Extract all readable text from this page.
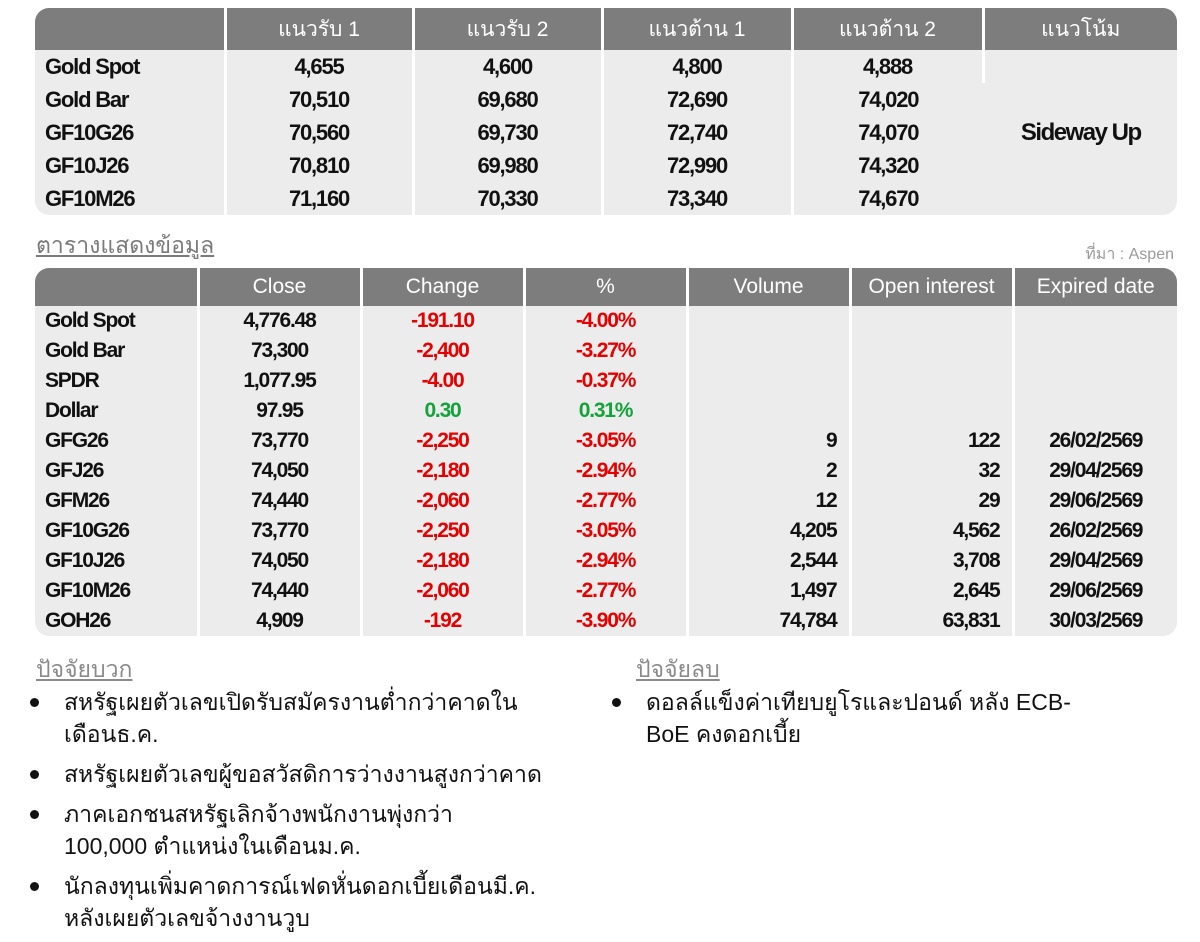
	แนวรับ 1	แนวรับ 2	แนวต้าน 1	แนวต้าน 2	แนวโน้ม
Gold Spot	4,655	4,600	4,800	4,888	Sideway Up
Gold Bar	70,510	69,680	72,690	74,020	
GF10G26	70,560	69,730	72,740	74,070	
GF10J26	70,810	69,980	72,990	74,320	
GF10M26	71,160	70,330	73,340	74,670	
ตารางแสดงข้อมูล	ที่มา : Aspen
	Close	Change	%	Volume	Open interest	Expired date
Gold Spot	4,776.48	-191.10	-4.00%			
Gold Bar	73,300	-2,400	-3.27%			
SPDR	1,077.95	-4.00	-0.37%			
Dollar	97.95	0.30	0.31%			
GFG26	73,770	-2,250	-3.05%	9	122	26/02/2569
GFJ26	74,050	-2,180	-2.94%	2	32	29/04/2569
GFM26	74,440	-2,060	-2.77%	12	29	29/06/2569
GF10G26	73,770	-2,250	-3.05%	4,205	4,562	26/02/2569
GF10J26	74,050	-2,180	-2.94%	2,544	3,708	29/04/2569
GF10M26	74,440	-2,060	-2.77%	1,497	2,645	29/06/2569
GOH26	4,909	-192	-3.90%	74,784	63,831	30/03/2569
ปัจจัยบวก
สหรัฐเผยตัวเลขเปิดรับสมัครงานต่ำกว่าคาดใน
เดือนธ.ค.
สหรัฐเผยตัวเลขผู้ขอสวัสดิการว่างงานสูงกว่าคาด
ภาคเอกชนสหรัฐเลิกจ้างพนักงานพุ่งกว่า
100,000 ตำแหน่งในเดือนม.ค.
นักลงทุนเพิ่มคาดการณ์เฟดหั่นดอกเบี้ยเดือนมี.ค.
หลังเผยตัวเลขจ้างงานวูบ
ปัจจัยลบ
ดอลล์แข็งค่าเทียบยูโรและปอนด์ หลัง ECB-
BoE คงดอกเบี้ย
